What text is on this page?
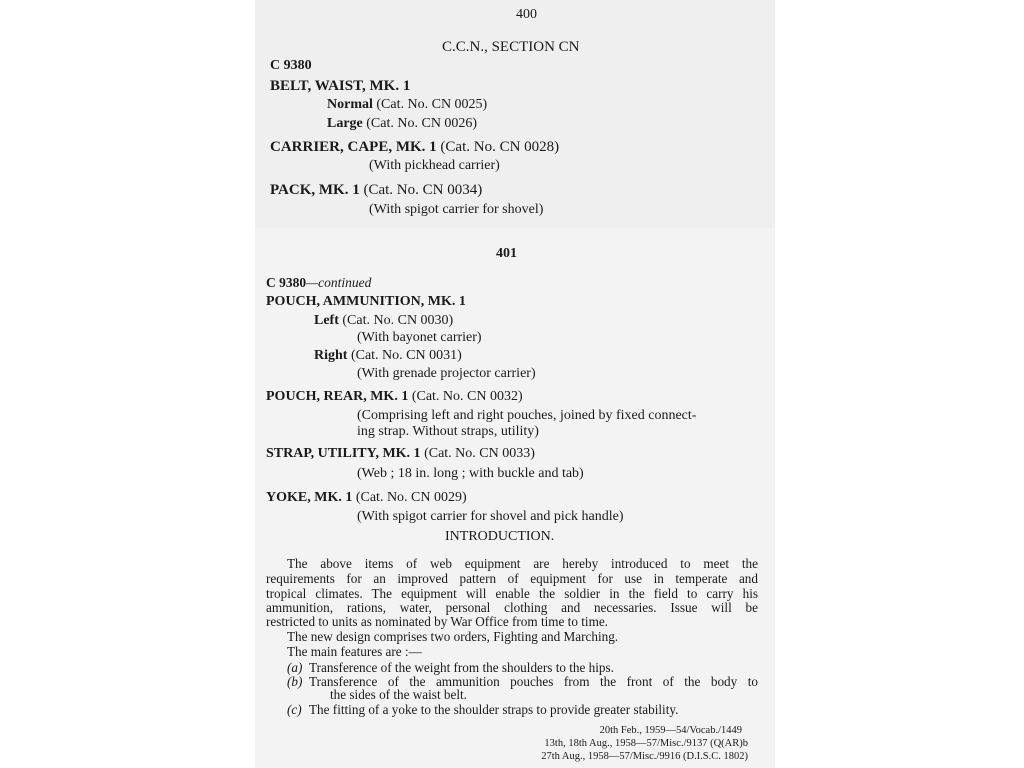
400
C.C.N., SECTION CN
C 9380
BELT, WAIST, MK. 1
Normal (Cat. No. CN 0025)
Large (Cat. No. CN 0026)
CARRIER, CAPE, MK. 1 (Cat. No. CN 0028)
(With pickhead carrier)
PACK, MK. 1 (Cat. No. CN 0034)
(With spigot carrier for shovel)
401
C 9380—continued
POUCH, AMMUNITION, MK. 1
Left (Cat. No. CN 0030)
(With bayonet carrier)
Right (Cat. No. CN 0031)
(With grenade projector carrier)
POUCH, REAR, MK. 1 (Cat. No. CN 0032)
(Comprising left and right pouches, joined by fixed connect-
ing strap. Without straps, utility)
STRAP, UTILITY, MK. 1 (Cat. No. CN 0033)
(Web ; 18 in. long ; with buckle and tab)
YOKE, MK. 1 (Cat. No. CN 0029)
(With spigot carrier for shovel and pick handle)
INTRODUCTION.
The above items of web equipment are hereby introduced to meet the
requirements for an improved pattern of equipment for use in temperate and
tropical climates. The equipment will enable the soldier in the field to carry his
ammunition, rations, water, personal clothing and necessaries. Issue will be
restricted to units as nominated by War Office from time to time.
The new design comprises two orders, Fighting and Marching.
The main features are :—
(a) Transference of the weight from the shoulders to the hips.
(b) Transference of the ammunition pouches from the front of the body to
the sides of the waist belt.
(c) The fitting of a yoke to the shoulder straps to provide greater stability.
20th Feb., 1959—54/Vocab./1449
13th, 18th Aug., 1958—57/Misc./9137 (Q(AR)b
27th Aug., 1958—57/Misc./9916 (D.I.S.C. 1802)
